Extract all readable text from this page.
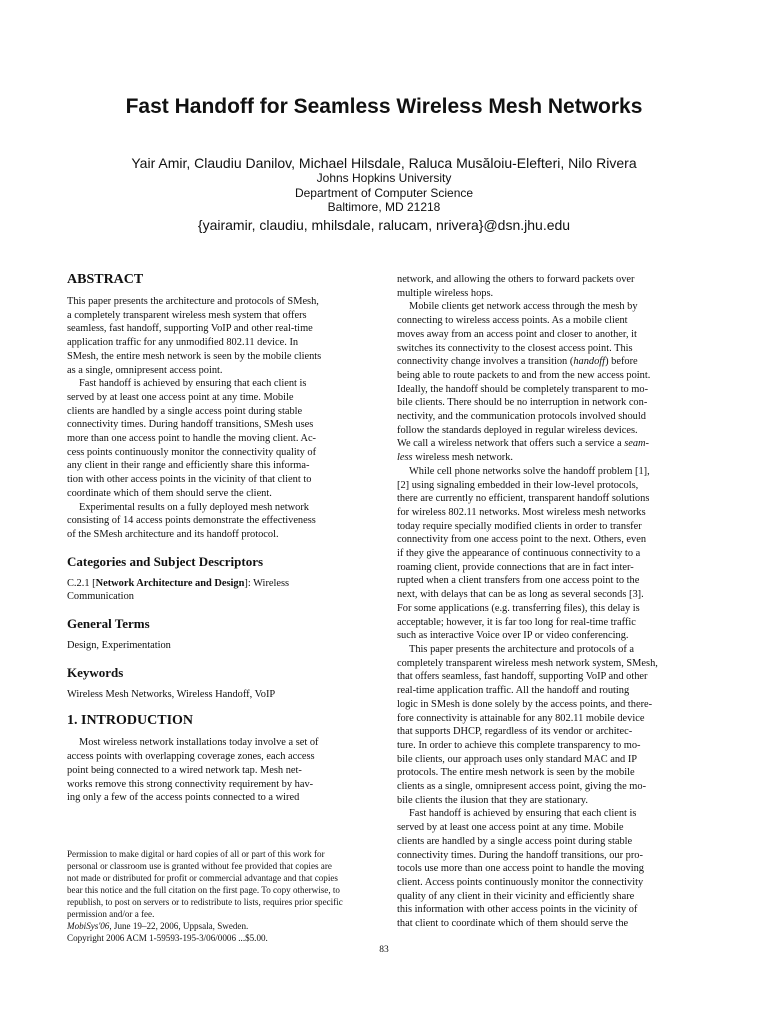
Fast Handoff for Seamless Wireless Mesh Networks
Yair Amir, Claudiu Danilov, Michael Hilsdale, Raluca Musăloiu-Elefteri, Nilo Rivera
Johns Hopkins University
Department of Computer Science
Baltimore, MD 21218
{yairamir, claudiu, mhilsdale, ralucam, nrivera}@dsn.jhu.edu
ABSTRACT
This paper presents the architecture and protocols of SMesh,
a completely transparent wireless mesh system that offers
seamless, fast handoff, supporting VoIP and other real-time
application traffic for any unmodified 802.11 device. In
SMesh, the entire mesh network is seen by the mobile clients
as a single, omnipresent access point.
Fast handoff is achieved by ensuring that each client is
served by at least one access point at any time. Mobile
clients are handled by a single access point during stable
connectivity times. During handoff transitions, SMesh uses
more than one access point to handle the moving client. Ac-
cess points continuously monitor the connectivity quality of
any client in their range and efficiently share this informa-
tion with other access points in the vicinity of that client to
coordinate which of them should serve the client.
Experimental results on a fully deployed mesh network
consisting of 14 access points demonstrate the effectiveness
of the SMesh architecture and its handoff protocol.
Categories and Subject Descriptors
C.2.1 [Network Architecture and Design]: Wireless
Communication
General Terms
Design, Experimentation
Keywords
Wireless Mesh Networks, Wireless Handoff, VoIP
1. INTRODUCTION
Most wireless network installations today involve a set of
access points with overlapping coverage zones, each access
point being connected to a wired network tap. Mesh net-
works remove this strong connectivity requirement by hav-
ing only a few of the access points connected to a wired
Permission to make digital or hard copies of all or part of this work for
personal or classroom use is granted without fee provided that copies are
not made or distributed for profit or commercial advantage and that copies
bear this notice and the full citation on the first page. To copy otherwise, to
republish, to post on servers or to redistribute to lists, requires prior specific
permission and/or a fee.
MobiSys'06, June 19–22, 2006, Uppsala, Sweden.
Copyright 2006 ACM 1-59593-195-3/06/0006 ...$5.00.
network, and allowing the others to forward packets over
multiple wireless hops.
Mobile clients get network access through the mesh by
connecting to wireless access points. As a mobile client
moves away from an access point and closer to another, it
switches its connectivity to the closest access point. This
connectivity change involves a transition (handoff) before
being able to route packets to and from the new access point.
Ideally, the handoff should be completely transparent to mo-
bile clients. There should be no interruption in network con-
nectivity, and the communication protocols involved should
follow the standards deployed in regular wireless devices.
We call a wireless network that offers such a service a seam-
less wireless mesh network.
While cell phone networks solve the handoff problem [1],
[2] using signaling embedded in their low-level protocols,
there are currently no efficient, transparent handoff solutions
for wireless 802.11 networks. Most wireless mesh networks
today require specially modified clients in order to transfer
connectivity from one access point to the next. Others, even
if they give the appearance of continuous connectivity to a
roaming client, provide connections that are in fact inter-
rupted when a client transfers from one access point to the
next, with delays that can be as long as several seconds [3].
For some applications (e.g. transferring files), this delay is
acceptable; however, it is far too long for real-time traffic
such as interactive Voice over IP or video conferencing.
This paper presents the architecture and protocols of a
completely transparent wireless mesh network system, SMesh,
that offers seamless, fast handoff, supporting VoIP and other
real-time application traffic. All the handoff and routing
logic in SMesh is done solely by the access points, and there-
fore connectivity is attainable for any 802.11 mobile device
that supports DHCP, regardless of its vendor or architec-
ture. In order to achieve this complete transparency to mo-
bile clients, our approach uses only standard MAC and IP
protocols. The entire mesh network is seen by the mobile
clients as a single, omnipresent access point, giving the mo-
bile clients the ilusion that they are stationary.
Fast handoff is achieved by ensuring that each client is
served by at least one access point at any time. Mobile
clients are handled by a single access point during stable
connectivity times. During the handoff transitions, our pro-
tocols use more than one access point to handle the moving
client. Access points continuously monitor the connectivity
quality of any client in their vicinity and efficiently share
this information with other access points in the vicinity of
that client to coordinate which of them should serve the
83
